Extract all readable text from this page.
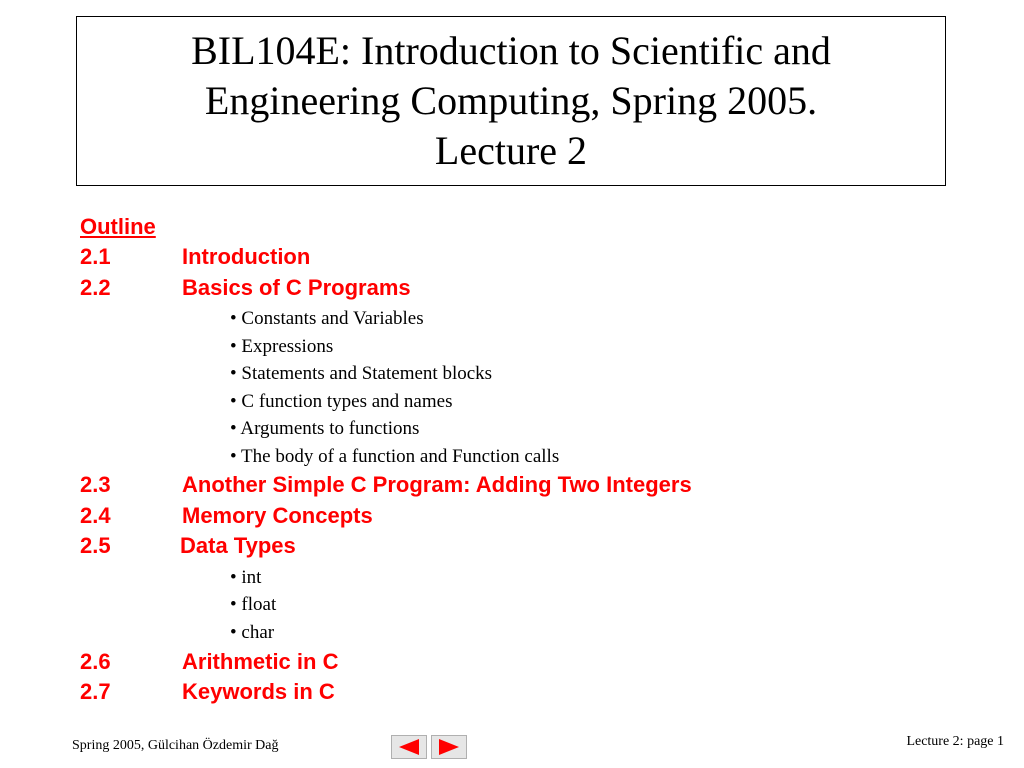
BIL104E: Introduction to Scientific and
Engineering Computing, Spring 2005.
Lecture 2
Outline
2.1	Introduction
2.2	Basics of C Programs
• Constants and Variables
• Expressions
• Statements and Statement blocks
• C function types and names
• Arguments to functions
• The body of a function and Function calls
2.3	Another Simple C Program: Adding Two Integers
2.4	Memory Concepts
2.5	Data Types
• int
• float
• char
2.6	Arithmetic in C
2.7	Keywords in C
Spring 2005, Gülcihan Özdemir Dağ	Lecture 2: page 1
